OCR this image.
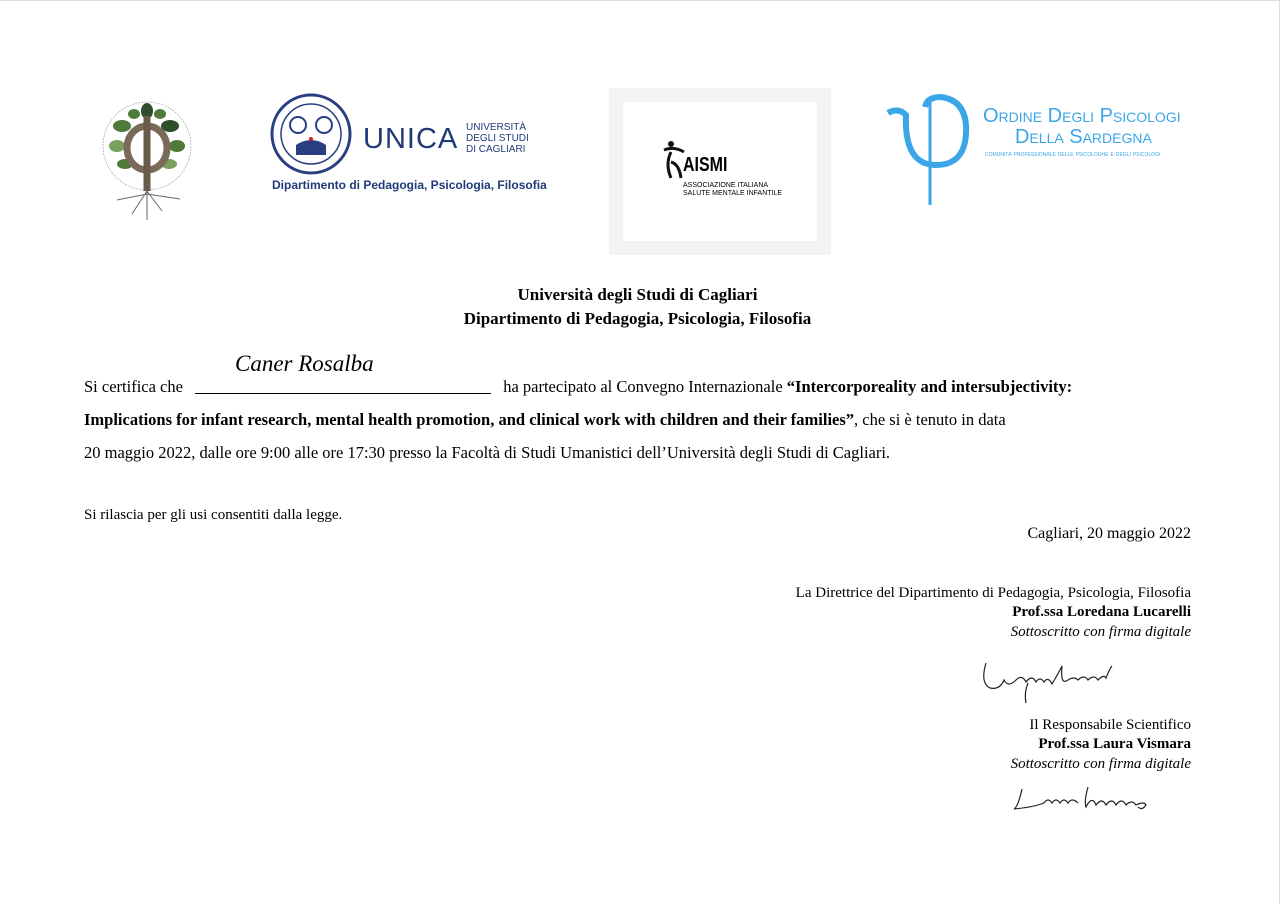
UNICA UNIVERSITÀ
DEGLI STUDI
DI CAGLIARI
Dipartimento di Pedagogia, Psicologia, Filosofia
AISMI
ASSOCIAZIONE ITALIANA
SALUTE MENTALE INFANTILE
Ordine Degli Psicologi
Della Sardegna
comunità professionale delle psicologhe e degli psicologi
Università degli Studi di Cagliari
Dipartimento di Pedagogia, Psicologia, Filosofia
Caner Rosalba
Si certifica che	ha partecipato al Convegno Internazionale “Intercorporeality and intersubjectivity:
Implications for infant research, mental health promotion, and clinical work with children and their families”, che si è tenuto in data
20 maggio 2022, dalle ore 9:00 alle ore 17:30 presso la Facoltà di Studi Umanistici dell’Università degli Studi di Cagliari.
Si rilascia per gli usi consentiti dalla legge.
Cagliari, 20 maggio 2022
La Direttrice del Dipartimento di Pedagogia, Psicologia, Filosofia
Prof.ssa Loredana Lucarelli
Sottoscritto con firma digitale
Il Responsabile Scientifico
Prof.ssa Laura Vismara
Sottoscritto con firma digitale
